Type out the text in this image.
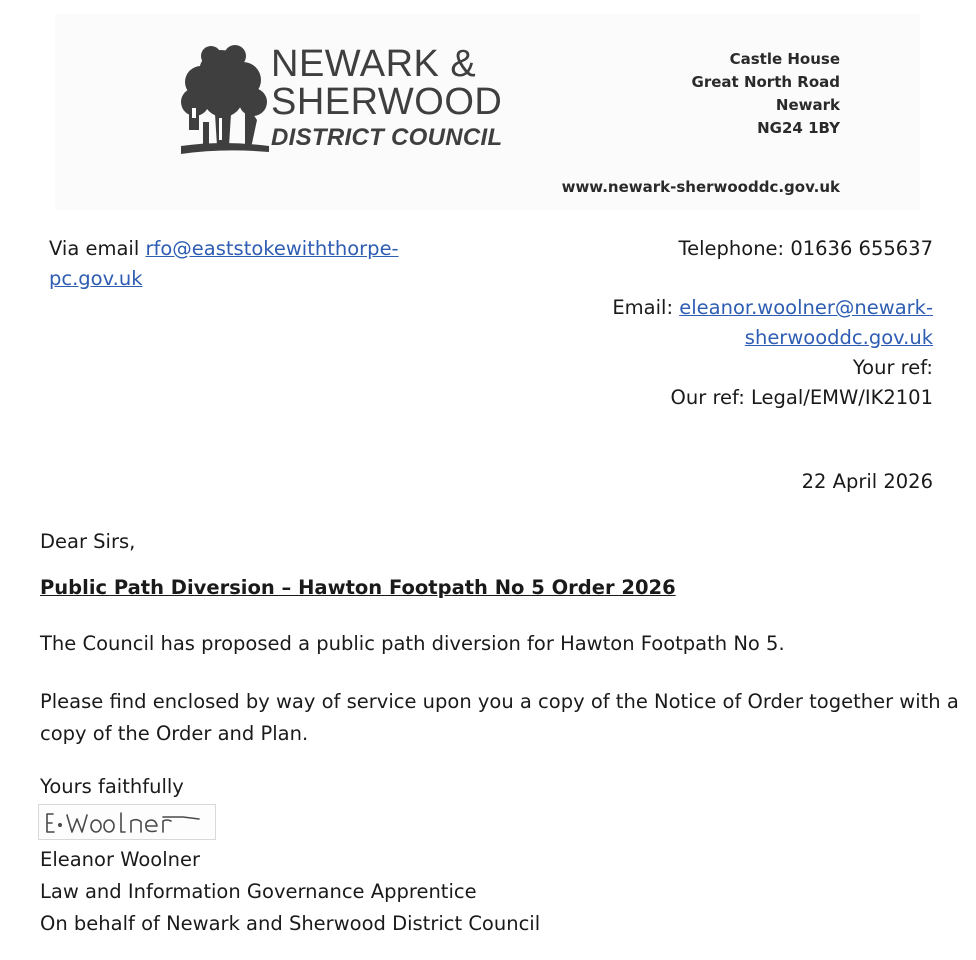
NEWARK &
SHERWOOD
DISTRICT COUNCIL
Castle House
Great North Road
Newark
NG24 1BY
www.newark-sherwooddc.gov.uk
Via email rfo@eaststokewiththorpe-
pc.gov.uk
Telephone: 01636 655637
Email: eleanor.woolner@newark-
sherwooddc.gov.uk
Your ref:
Our ref: Legal/EMW/IK2101
22 April 2026
Dear Sirs,
Public Path Diversion – Hawton Footpath No 5 Order 2026
The Council has proposed a public path diversion for Hawton Footpath No 5.
Please find enclosed by way of service upon you a copy of the Notice of Order together with a
copy of the Order and Plan.
Yours faithfully
Eleanor Woolner
Law and Information Governance Apprentice
On behalf of Newark and Sherwood District Council
